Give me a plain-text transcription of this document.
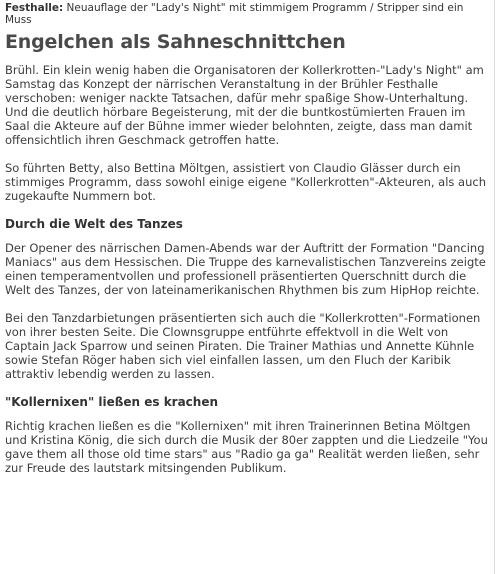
Festhalle: Neuauflage der "Lady's Night" mit stimmigem Programm / Stripper sind ein Muss
Engelchen als Sahneschnittchen

Brühl. Ein klein wenig haben die Organisatoren der Kollerkrotten-"Lady's Night" am Samstag das Konzept der närrischen Veranstaltung in der Brühler Festhalle verschoben: weniger nackte Tatsachen, dafür mehr spaßige Show-Unterhaltung. Und die deutlich hörbare Begeisterung, mit der die buntkostümierten Frauen im Saal die Akteure auf der Bühne immer wieder belohnten, zeigte, dass man damit offensichtlich ihren Geschmack getroffen hatte.

So führten Betty, also Bettina Möltgen, assistiert von Claudio Glässer durch ein stimmiges Programm, dass sowohl einige eigene "Kollerkrotten"-Akteuren, als auch zugekaufte Nummern bot.

Durch die Welt des Tanzes

Der Opener des närrischen Damen-Abends war der Auftritt der Formation "Dancing Maniacs" aus dem Hessischen. Die Truppe des karnevalistischen Tanzvereins zeigte einen temperamentvollen und professionell präsentierten Querschnitt durch die Welt des Tanzes, der von lateinamerikanischen Rhythmen bis zum HipHop reichte.

Bei den Tanzdarbietungen präsentierten sich auch die "Kollerkrotten"-Formationen von ihrer besten Seite. Die Clownsgruppe entführte effektvoll in die Welt von Captain Jack Sparrow und seinen Piraten. Die Trainer Mathias und Annette Kühnle sowie Stefan Röger haben sich viel einfallen lassen, um den Fluch der Karibik attraktiv lebendig werden zu lassen.

"Kollernixen" ließen es krachen

Richtig krachen ließen es die "Kollernixen" mit ihren Trainerinnen Betina Möltgen und Kristina König, die sich durch die Musik der 80er zappten und die Liedzeile "You gave them all those old time stars" aus "Radio ga ga" Realität werden ließen, sehr zur Freude des lautstark mitsingenden Publikum.
